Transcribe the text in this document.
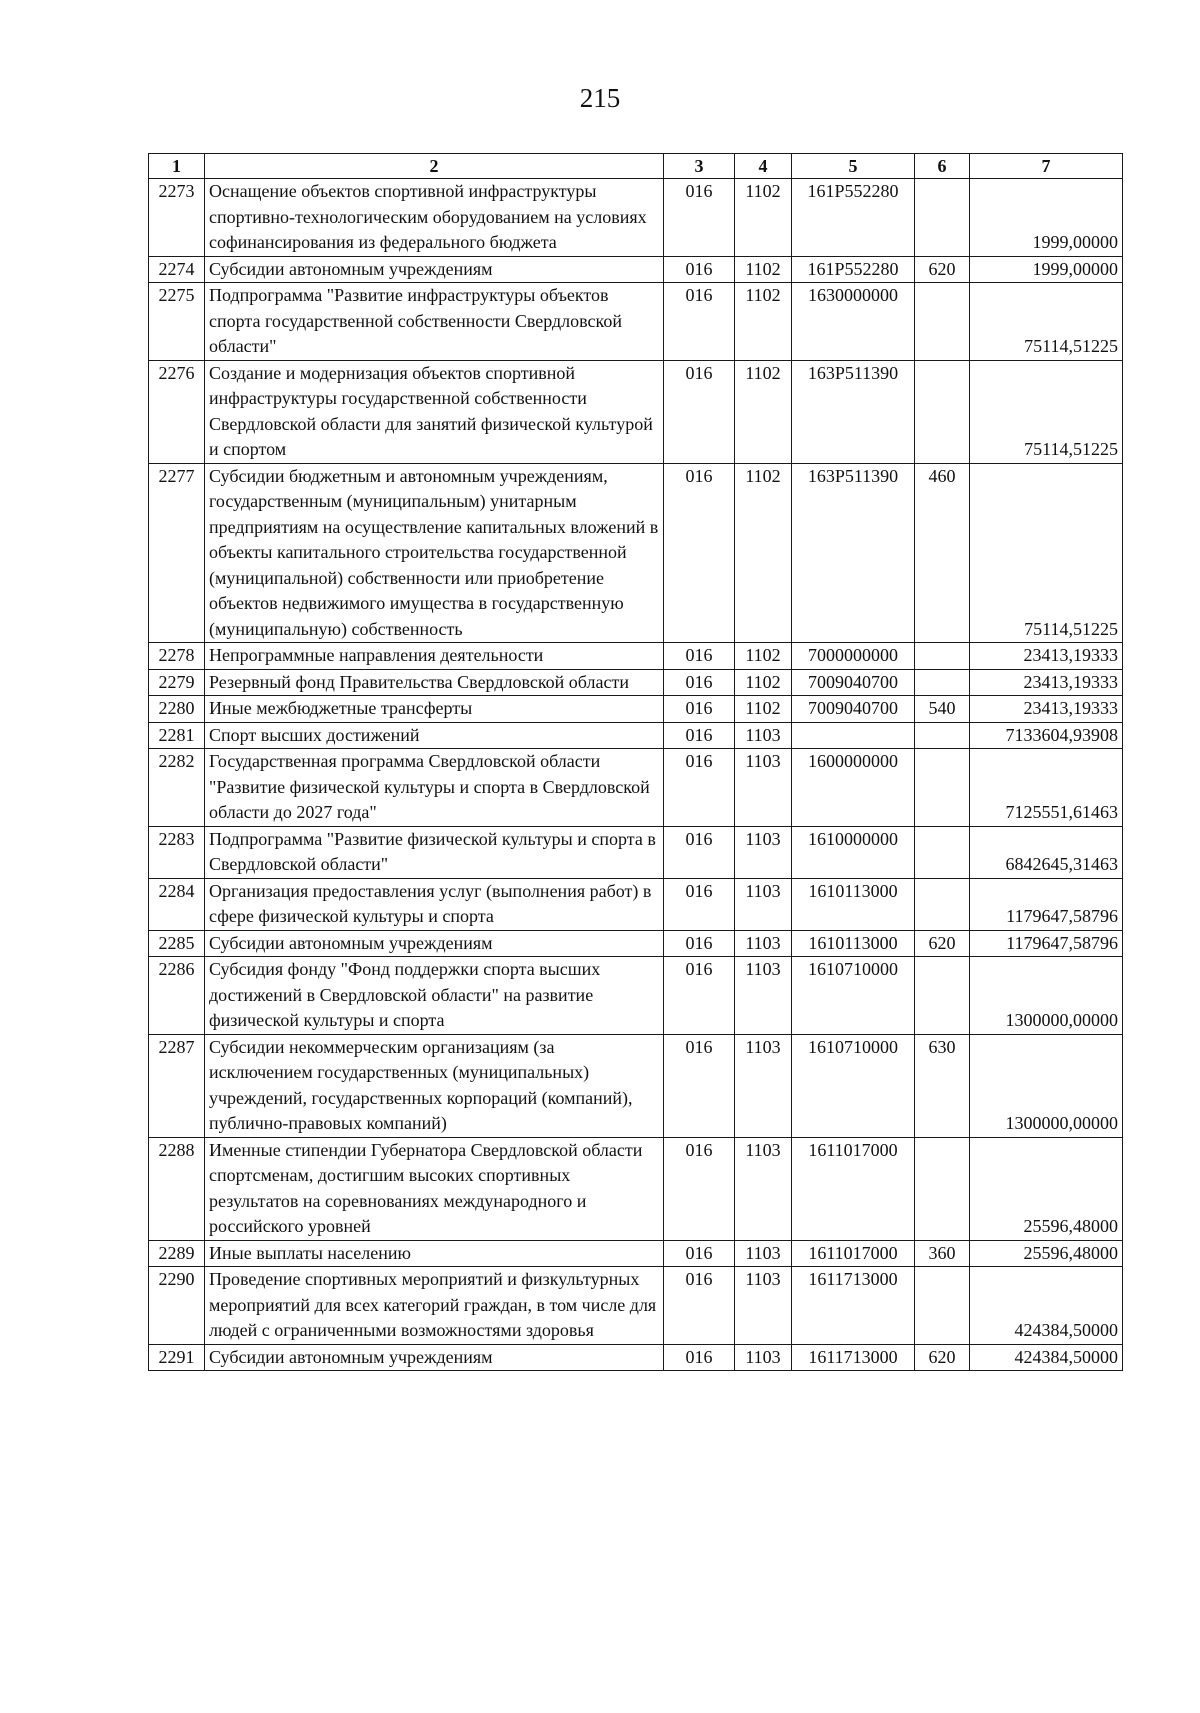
215
1	2	3	4	5	6	7
2273	Оснащение объектов спортивной инфраструктуры спортивно-технологическим оборудованием на условиях софинансирования из федерального бюджета	016	1102	161Р552280		1999,00000
2274	Субсидии автономным учреждениям	016	1102	161Р552280	620	1999,00000
2275	Подпрограмма "Развитие инфраструктуры объектов спорта государственной собственности Свердловской области"	016	1102	1630000000		75114,51225
2276	Создание и модернизация объектов спортивной инфраструктуры государственной собственности Свердловской области для занятий физической культурой и спортом	016	1102	163Р511390		75114,51225
2277	Субсидии бюджетным и автономным учреждениям, государственным (муниципальным) унитарным предприятиям на осуществление капитальных вложений в объекты капитального строительства государственной (муниципальной) собственности или приобретение объектов недвижимого имущества в государственную (муниципальную) собственность	016	1102	163Р511390	460	75114,51225
2278	Непрограммные направления деятельности	016	1102	7000000000		23413,19333
2279	Резервный фонд Правительства Свердловской области	016	1102	7009040700		23413,19333
2280	Иные межбюджетные трансферты	016	1102	7009040700	540	23413,19333
2281	Спорт высших достижений	016	1103			7133604,93908
2282	Государственная программа Свердловской области "Развитие физической культуры и спорта в Свердловской области до 2027 года"	016	1103	1600000000		7125551,61463
2283	Подпрограмма "Развитие физической культуры и спорта в Свердловской области"	016	1103	1610000000		6842645,31463
2284	Организация предоставления услуг (выполнения работ) в сфере физической культуры и спорта	016	1103	1610113000		1179647,58796
2285	Субсидии автономным учреждениям	016	1103	1610113000	620	1179647,58796
2286	Субсидия фонду "Фонд поддержки спорта высших достижений в Свердловской области" на развитие физической культуры и спорта	016	1103	1610710000		1300000,00000
2287	Субсидии некоммерческим организациям (за исключением государственных (муниципальных) учреждений, государственных корпораций (компаний), публично-правовых компаний)	016	1103	1610710000	630	1300000,00000
2288	Именные стипендии Губернатора Свердловской области спортсменам, достигшим высоких спортивных результатов на соревнованиях международного и российского уровней	016	1103	1611017000		25596,48000
2289	Иные выплаты населению	016	1103	1611017000	360	25596,48000
2290	Проведение спортивных мероприятий и физкультурных мероприятий для всех категорий граждан, в том числе для людей с ограниченными возможностями здоровья	016	1103	1611713000		424384,50000
2291	Субсидии автономным учреждениям	016	1103	1611713000	620	424384,50000
